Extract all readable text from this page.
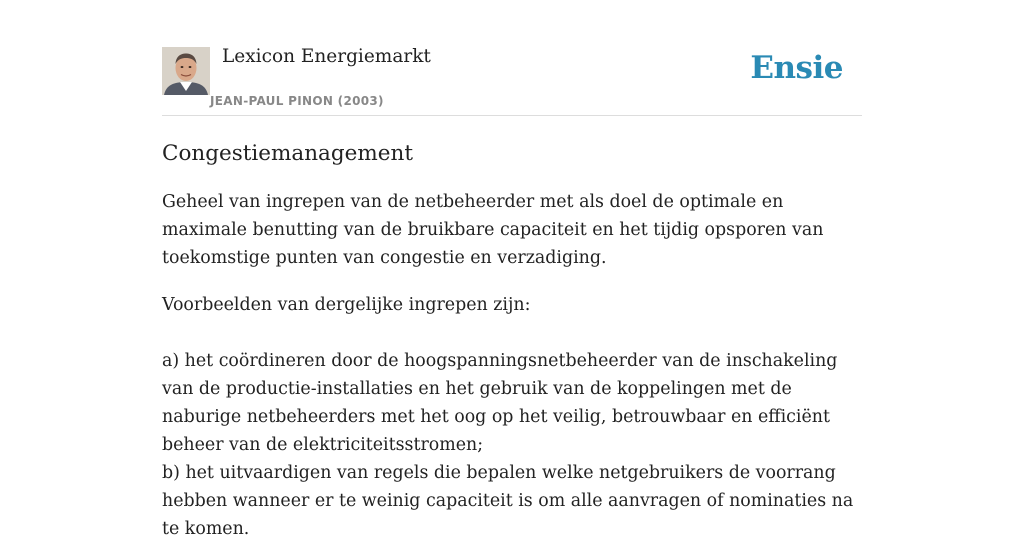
Lexicon Energiemarkt
JEAN-PAUL PINON (2003)
Ensie
Congestiemanagement

Geheel van ingrepen van de netbeheerder met als doel de optimale en maximale benutting van de bruikbare capaciteit en het tijdig opsporen van toekomstige punten van congestie en verzadiging.

Voorbeelden van dergelijke ingrepen zijn:

a) het coördineren door de hoogspanningsnetbeheerder van de inschakeling van de productie-installaties en het gebruik van de koppelingen met de naburige netbeheerders met het oog op het veilig, betrouwbaar en efficiënt beheer van de elektriciteitsstromen;

b) het uitvaardigen van regels die bepalen welke netgebruikers de voorrang hebben wanneer er te weinig capaciteit is om alle aanvragen of nominaties na te komen.
